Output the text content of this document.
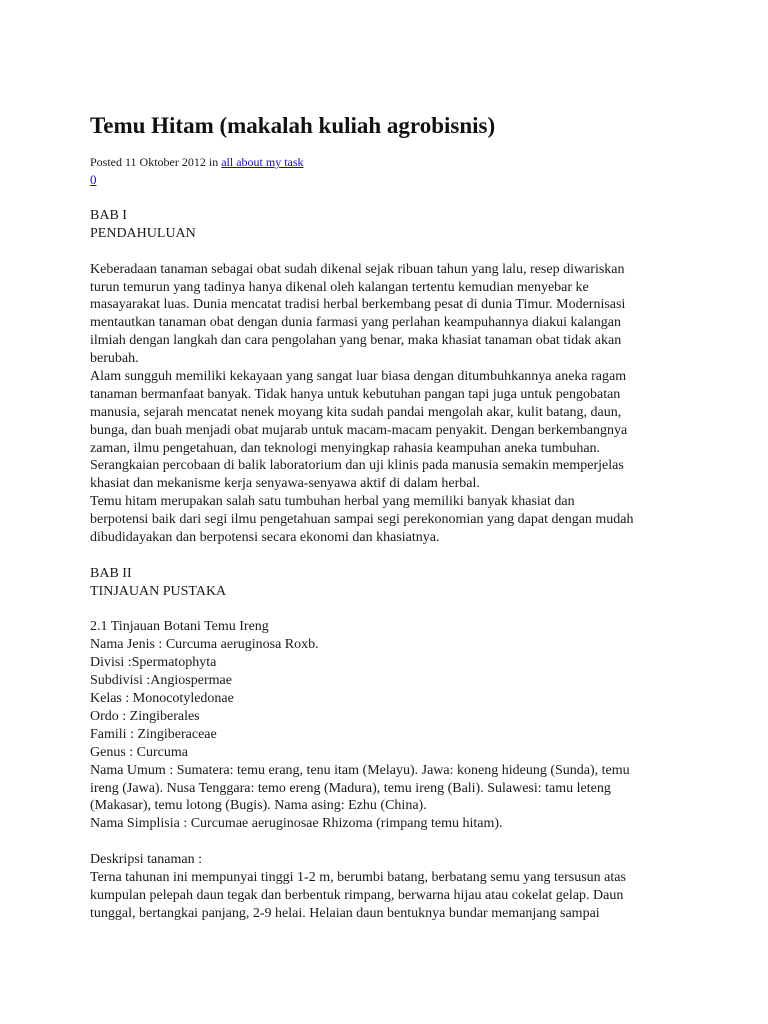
Temu Hitam (makalah kuliah agrobisnis)
Posted 11 Oktober 2012 in all about my task
0
BAB I
PENDAHULUAN
Keberadaan tanaman sebagai obat sudah dikenal sejak ribuan tahun yang lalu, resep diwariskan
turun temurun yang tadinya hanya dikenal oleh kalangan tertentu kemudian menyebar ke
masayarakat luas. Dunia mencatat tradisi herbal berkembang pesat di dunia Timur. Modernisasi
mentautkan tanaman obat dengan dunia farmasi yang perlahan keampuhannya diakui kalangan
ilmiah dengan langkah dan cara pengolahan yang benar, maka khasiat tanaman obat tidak akan
berubah.
Alam sungguh memiliki kekayaan yang sangat luar biasa dengan ditumbuhkannya aneka ragam
tanaman bermanfaat banyak. Tidak hanya untuk kebutuhan pangan tapi juga untuk pengobatan
manusia, sejarah mencatat nenek moyang kita sudah pandai mengolah akar, kulit batang, daun,
bunga, dan buah menjadi obat mujarab untuk macam-macam penyakit. Dengan berkembangnya
zaman, ilmu pengetahuan, dan teknologi menyingkap rahasia keampuhan aneka tumbuhan.
Serangkaian percobaan di balik laboratorium dan uji klinis pada manusia semakin memperjelas
khasiat dan mekanisme kerja senyawa-senyawa aktif di dalam herbal.
Temu hitam merupakan salah satu tumbuhan herbal yang memiliki banyak khasiat dan
berpotensi baik dari segi ilmu pengetahuan sampai segi perekonomian yang dapat dengan mudah
dibudidayakan dan berpotensi secara ekonomi dan khasiatnya.
BAB II
TINJAUAN PUSTAKA
2.1 Tinjauan Botani Temu Ireng
Nama Jenis : Curcuma aeruginosa Roxb.
Divisi :Spermatophyta
Subdivisi :Angiospermae
Kelas : Monocotyledonae
Ordo : Zingiberales
Famili : Zingiberaceae
Genus : Curcuma
Nama Umum : Sumatera: temu erang, tenu itam (Melayu). Jawa: koneng hideung (Sunda), temu
ireng (Jawa). Nusa Tenggara: temo ereng (Madura), temu ireng (Bali). Sulawesi: tamu leteng
(Makasar), temu lotong (Bugis). Nama asing: Ezhu (China).
Nama Simplisia : Curcumae aeruginosae Rhizoma (rimpang temu hitam).
Deskripsi tanaman :
Terna tahunan ini mempunyai tinggi 1-2 m, berumbi batang, berbatang semu yang tersusun atas
kumpulan pelepah daun tegak dan berbentuk rimpang, berwarna hijau atau cokelat gelap. Daun
tunggal, bertangkai panjang, 2-9 helai. Helaian daun bentuknya bundar memanjang sampai
